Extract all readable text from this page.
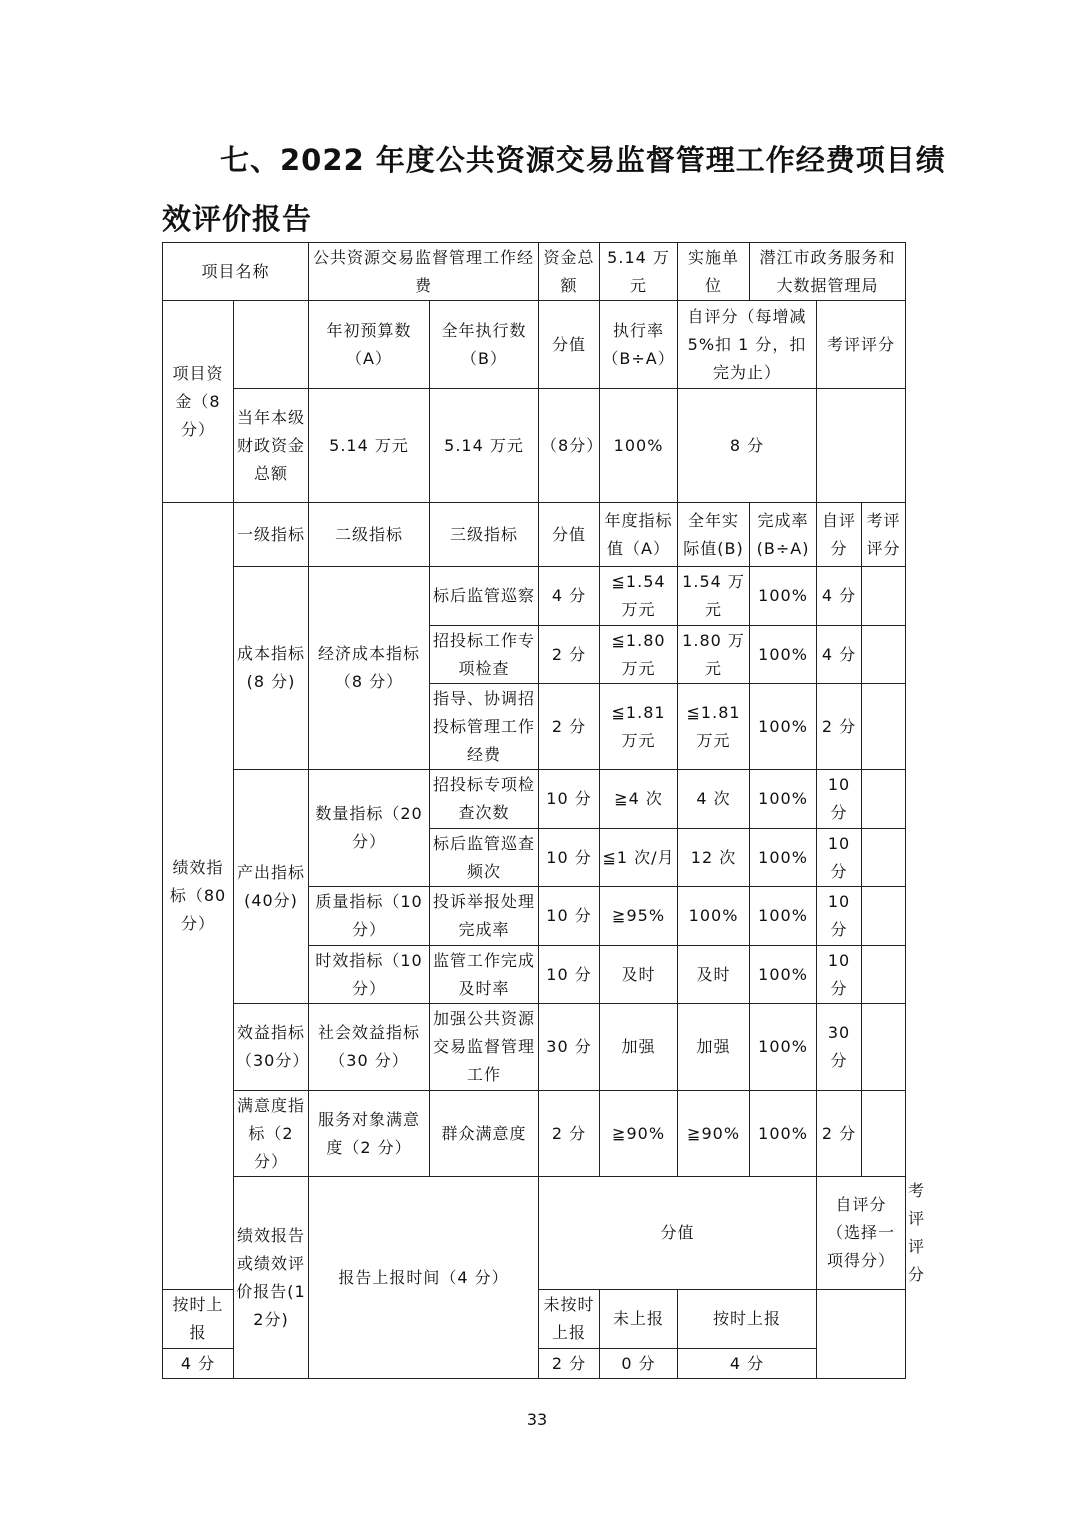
七、2022 年度公共资源交易监督管理工作经费项目绩
效评价报告
项目名称		公共资源交易监督管理工作经费		资金总额	5.14 万元	实施单位	潜江市政务服务和大数据管理局			
项目资金（8分）		年初预算数（A）	全年执行数（B）	分值	执行率（B÷A）	自评分（每增减5%扣 1 分，扣完为止）		考评评分		
	当年本级财政资金总额	5.14 万元	5.14 万元	（8分）	100%	8 分				
绩效指标（80分）	一级指标	二级指标	三级指标	分值	年度指标值（A）	全年实际值(B)	完成率(B÷A)	自评分	考评评分	
	成本指标(8 分)	经济成本指标（8 分）	标后监管巡察	4 分	≦1.54 万元	1.54 万元	100%	4 分		
			招投标工作专项检查	2 分	≦1.80 万元	1.80 万元	100%	4 分		
			指导、协调招投标管理工作经费	2 分	≦1.81 万元	≦1.81万元	100%	2 分		
	产出指标(40分)	数量指标（20 分）	招投标专项检查次数	10 分	≧4 次	4 次	100%	10 分		
			标后监管巡查频次	10 分	≦1 次/月	12 次	100%	10 分		
		质量指标（10分）	投诉举报处理完成率	10 分	≧95%	100%	100%	10 分		
		时效指标（10分）	监管工作完成及时率	10 分	及时	及时	100%	10 分		
	效益指标（30分）	社会效益指标（30 分）	加强公共资源交易监督管理工作	30 分	加强	加强	100%	30 分		
	满意度指标（2分）	服务对象满意度（2 分）	群众满意度	2 分	≧90%	≧90%	100%	2 分		
	绩效报告或绩效评价报告(12分)	报告上报时间（4 分）		分值				自评分（选择一项得分）		考评评分
按时上报				未按时上报	未上报	按时上报				
4 分				2 分	0 分	4 分				
33
